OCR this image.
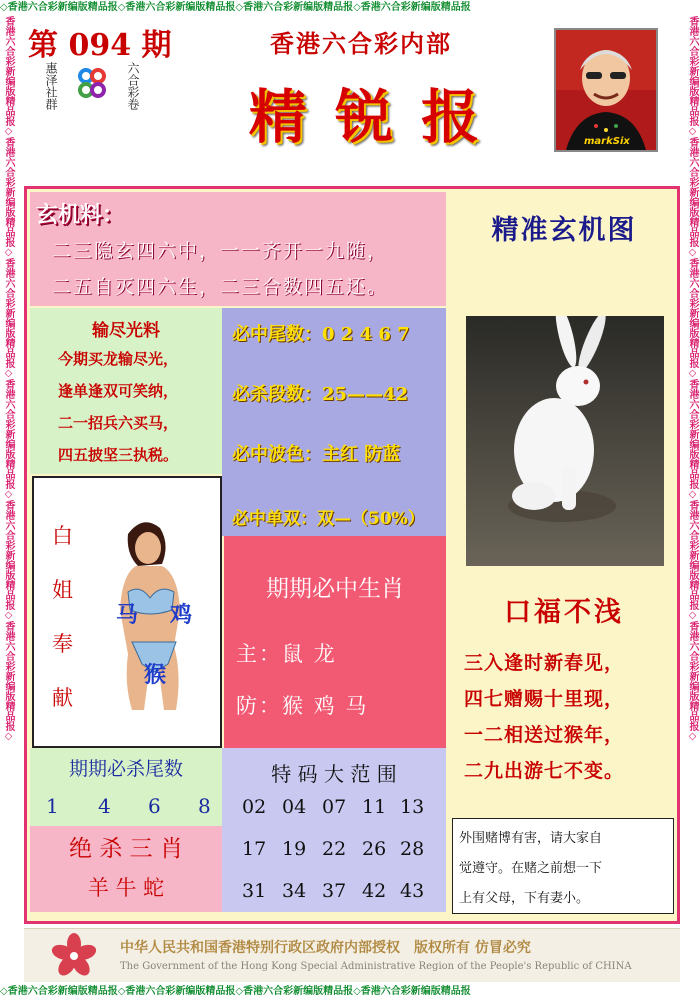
◇香港六合彩新编版精品报◇香港六合彩新编版精品报◇香港六合彩新编版精品报◇香港六合彩新编版精品报
◇香港六合彩新编版精品报◇香港六合彩新编版精品报◇香港六合彩新编版精品报◇香港六合彩新编版精品报
香港六合彩新编版精品报◇香港六合彩新编版精品报◇香港六合彩新编版精品报◇香港六合彩新编版精品报◇香港六合彩新编版精品报◇香港六合彩新编版精品报◇	香港六合彩新编版精品报◇香港六合彩新编版精品报◇香港六合彩新编版精品报◇香港六合彩新编版精品报◇香港六合彩新编版精品报◇香港六合彩新编版精品报◇
第 094 期
惠泽社群	六合彩卷
香港六合彩内部
精 锐 报	markSix
玄机料：
二三隐玄四六中，一一齐开一九随，
二五自灭四六生，二三合数四五还。
输尽光料
今期买龙输尽光，
逢单逢双可笑纳，
二一招兵六买马，
四五披坚三执税。
必中尾数：0 2 4 6 7
必杀段数：25——42
必中波色：主红 防蓝
必中单双：双—（50%）
白
姐
奉
献
马 鸡
猴
期期必中生肖
主：鼠 龙
防：猴 鸡 马
期期必杀尾数
1 4 6 8
绝 杀 三 肖
羊 牛 蛇
特 码 大 范 围
02 04 07 11 13
17 19 22 26 28
31 34 37 42 43
精准玄机图
口福不浅
三入逢时新春见，
四七赠赐十里现，
一二相送过猴年，
二九出游七不变。
外围赌博有害，请大家自
觉遵守。在赌之前想一下
上有父母，下有妻小。
中华人民共和国香港特别行政区政府内部授权　版权所有 仿冒必究
The Government of the Hong Kong Special Administrative Region of the People's Republic of CHINA
